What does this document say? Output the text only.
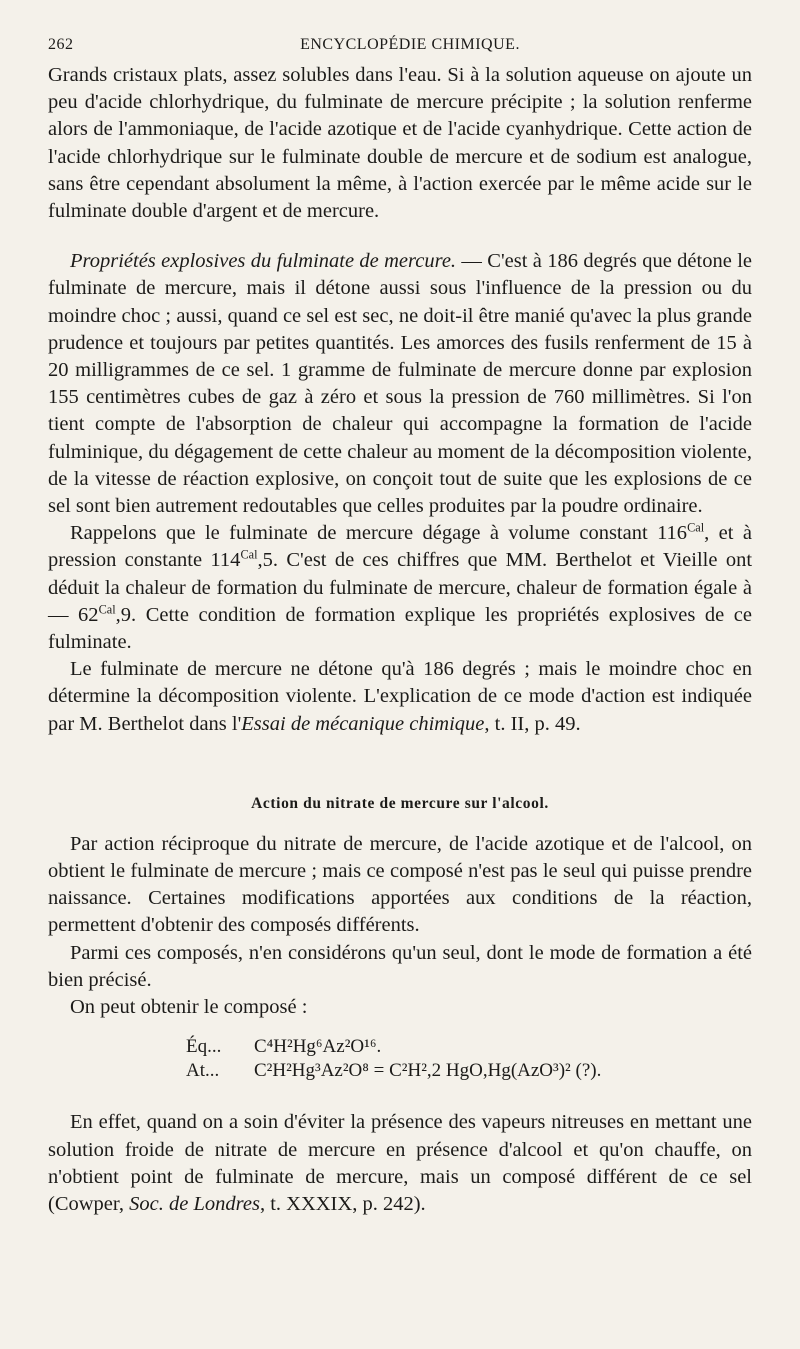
262	ENCYCLOPÉDIE CHIMIQUE.

Grands cristaux plats, assez solubles dans l'eau. Si à la solution aqueuse on ajoute un peu d'acide chlorhydrique, du fulminate de mercure précipite ; la solution renferme alors de l'ammoniaque, de l'acide azotique et de l'acide cyanhydrique. Cette action de l'acide chlorhydrique sur le fulminate double de mercure et de sodium est analogue, sans être cependant absolument la même, à l'action exercée par le même acide sur le fulminate double d'argent et de mercure.

Propriétés explosives du fulminate de mercure. — C'est à 186 degrés que détone le fulminate de mercure, mais il détone aussi sous l'influence de la pression ou du moindre choc ; aussi, quand ce sel est sec, ne doit-il être manié qu'avec la plus grande prudence et toujours par petites quantités. Les amorces des fusils renferment de 15 à 20 milligrammes de ce sel. 1 gramme de fulminate de mercure donne par explosion 155 centimètres cubes de gaz à zéro et sous la pression de 760 millimètres. Si l'on tient compte de l'absorption de chaleur qui accompagne la formation de l'acide fulminique, du dégagement de cette chaleur au moment de la décomposition violente, de la vitesse de réaction explosive, on conçoit tout de suite que les explosions de ce sel sont bien autrement redoutables que celles produites par la poudre ordinaire.

Rappelons que le fulminate de mercure dégage à volume constant $116^{Cal}$, et à pression constante $114^{Cal},5$. C'est de ces chiffres que MM. Berthelot et Vieille ont déduit la chaleur de formation du fulminate de mercure, chaleur de formation égale à — $62^{Cal},9$. Cette condition de formation explique les propriétés explosives de ce fulminate.

Le fulminate de mercure ne détone qu'à 186 degrés ; mais le moindre choc en détermine la décomposition violente. L'explication de ce mode d'action est indiquée par M. Berthelot dans l'Essai de mécanique chimique, t. II, p. 49.

Action du nitrate de mercure sur l'alcool.

Par action réciproque du nitrate de mercure, de l'acide azotique et de l'alcool, on obtient le fulminate de mercure ; mais ce composé n'est pas le seul qui puisse prendre naissance. Certaines modifications apportées aux conditions de la réaction, permettent d'obtenir des composés différents.

Parmi ces composés, n'en considérons qu'un seul, dont le mode de formation a été bien précisé.

On peut obtenir le composé :

Éq... C⁴H²Hg⁶Az²O¹⁶.
At... C²H²Hg³Az²O⁸ = C²H²,2 HgO,Hg(AzO³)² (?).

En effet, quand on a soin d'éviter la présence des vapeurs nitreuses en mettant une solution froide de nitrate de mercure en présence d'alcool et qu'on chauffe, on n'obtient point de fulminate de mercure, mais un composé différent de ce sel (Cowper, Soc. de Londres, t. XXXIX, p. 242).
